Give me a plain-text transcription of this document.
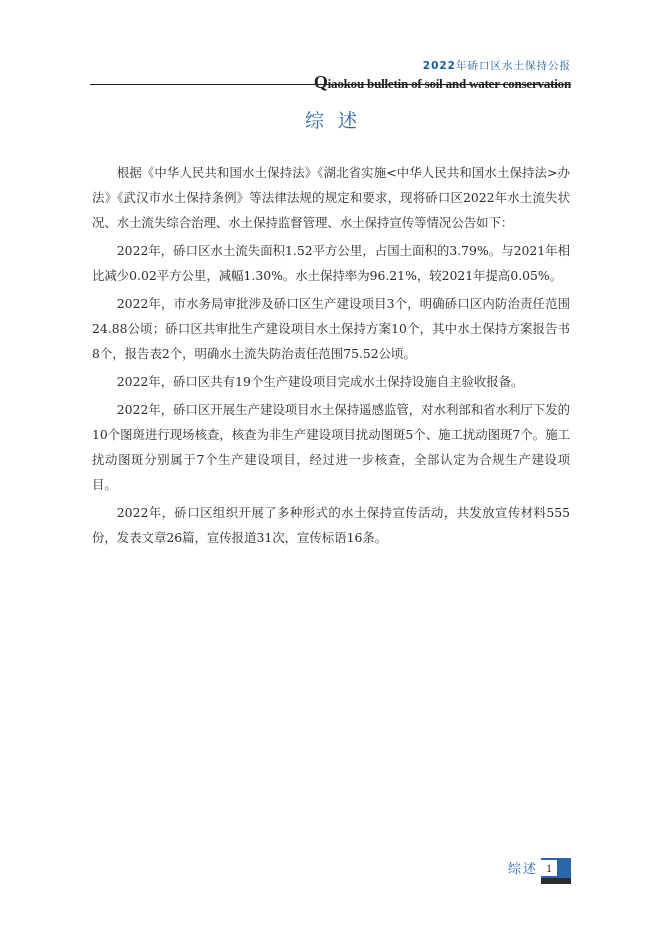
2022年硚口区水土保持公报
Qiaokou bulletin of soil and water conservation
综述

根据《中华人民共和国水土保持法》《湖北省实施<中华人民共和国水土保持法>办法》《武汉市水土保持条例》等法律法规的规定和要求，现将硚口区2022年水土流失状况、水土流失综合治理、水土保持监督管理、水土保持宣传等情况公告如下：

2022年，硚口区水土流失面积1.52平方公里，占国土面积的3.79%。与2021年相比减少0.02平方公里，减幅1.30%。水土保持率为96.21%，较2021年提高0.05%。

2022年，市水务局审批涉及硚口区生产建设项目3个，明确硚口区内防治责任范围24.88公顷；硚口区共审批生产建设项目水土保持方案10个，其中水土保持方案报告书8个，报告表2个，明确水土流失防治责任范围75.52公顷。

2022年，硚口区共有19个生产建设项目完成水土保持设施自主验收报备。

2022年，硚口区开展生产建设项目水土保持遥感监管，对水利部和省水利厅下发的10个图斑进行现场核查，核查为非生产建设项目扰动图斑5个、施工扰动图斑7个。施工扰动图斑分别属于7个生产建设项目，经过进一步核查，全部认定为合规生产建设项目。

2022年，硚口区组织开展了多种形式的水土保持宣传活动，共发放宣传材料555份，发表文章26篇，宣传报道31次，宣传标语16条。

综述 1
